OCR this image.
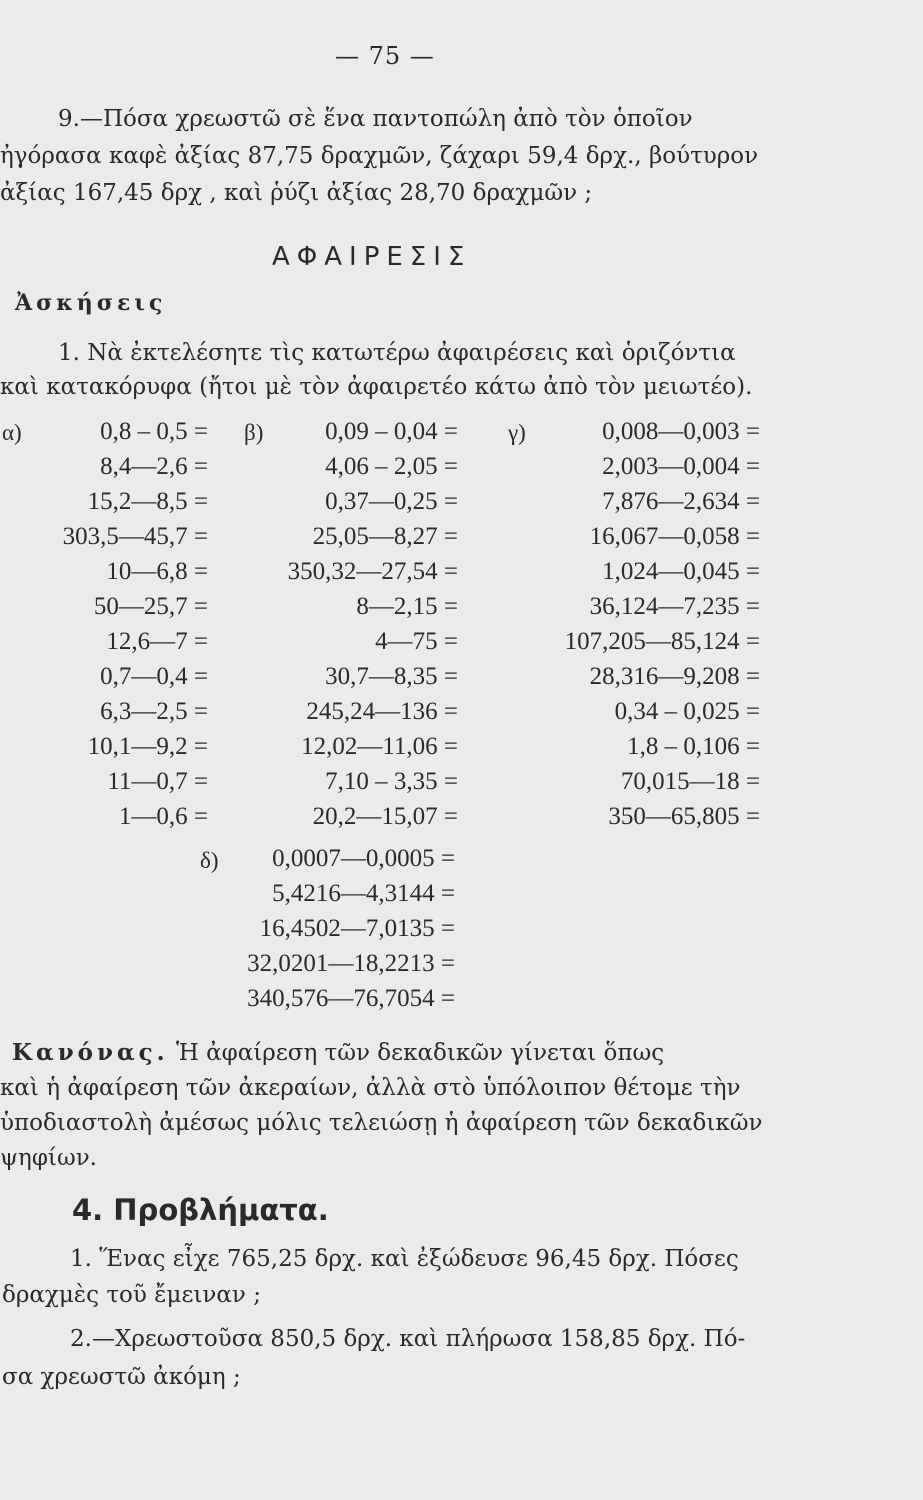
— 75 —
9.—Πόσα χρεωστῶ σὲ ἕνα παντοπώλη ἀπὸ τὸν ὁποῖον
ἠγόρασα καφὲ ἀξίας 87,75 δραχμῶν, ζάχαρι 59,4 δρχ., βούτυρον
ἀξίας 167,45 δρχ , καὶ ῥύζι ἀξίας 28,70 δραχμῶν ;
ΑΦΑΙΡΕΣΙΣ
Ἀσκήσεις
1. Νὰ ἐκτελέσητε τὶς κατωτέρω ἀφαιρέσεις καὶ ὁριζόντια
καὶ κατακόρυφα (ἤτοι μὲ τὸν ἀφαιρετέο κάτω ἀπὸ τὸν μειωτέο).
α)	β)	γ)
0,8 – 0,5 =
8,4—2,6 =
15,2—8,5 =
303,5—45,7 =
10—6,8 =
50—25,7 =
12,6—7 =
0,7—0,4 =
6,3—2,5 =
10,1—9,2 =
11—0,7 =
1—0,6 =
0,09 – 0,04 =
4,06 – 2,05 =
0,37—0,25 =
25,05—8,27 =
350,32—27,54 =
8—2,15 =
4—75 =
30,7—8,35 =
245,24—136 =
12,02—11,06 =
7,10 – 3,35 =
20,2—15,07 =
0,008—0,003 =
2,003—0,004 =
7,876—2,634 =
16,067—0,058 =
1,024—0,045 =
36,124—7,235 =
107,205—85,124 =
28,316—9,208 =
0,34 – 0,025 =
1,8 – 0,106 =
70,015—18 =
350—65,805 =
δ) 0,0007—0,0005 =
5,4216—4,3144 =
16,4502—7,0135 =
32,0201—18,2213 =
340,576—76,7054 =
Κανόνας. Ἡ ἀφαίρεση τῶν δεκαδικῶν γίνεται ὅπως
καὶ ἡ ἀφαίρεση τῶν ἀκεραίων, ἀλλὰ στὸ ὑπόλοιπον θέτομε τὴν
ὑποδιαστολὴ ἀμέσως μόλις τελειώσῃ ἡ ἀφαίρεση τῶν δεκαδικῶν
ψηφίων.
4. Προβλήματα.
1. Ἕνας εἶχε 765,25 δρχ. καὶ ἐξώδευσε 96,45 δρχ. Πόσες
δραχμὲς τοῦ ἔμειναν ;
2.—Χρεωστοῦσα 850,5 δρχ. καὶ πλήρωσα 158,85 δρχ. Πό-
σα χρεωστῶ ἀκόμη ;
